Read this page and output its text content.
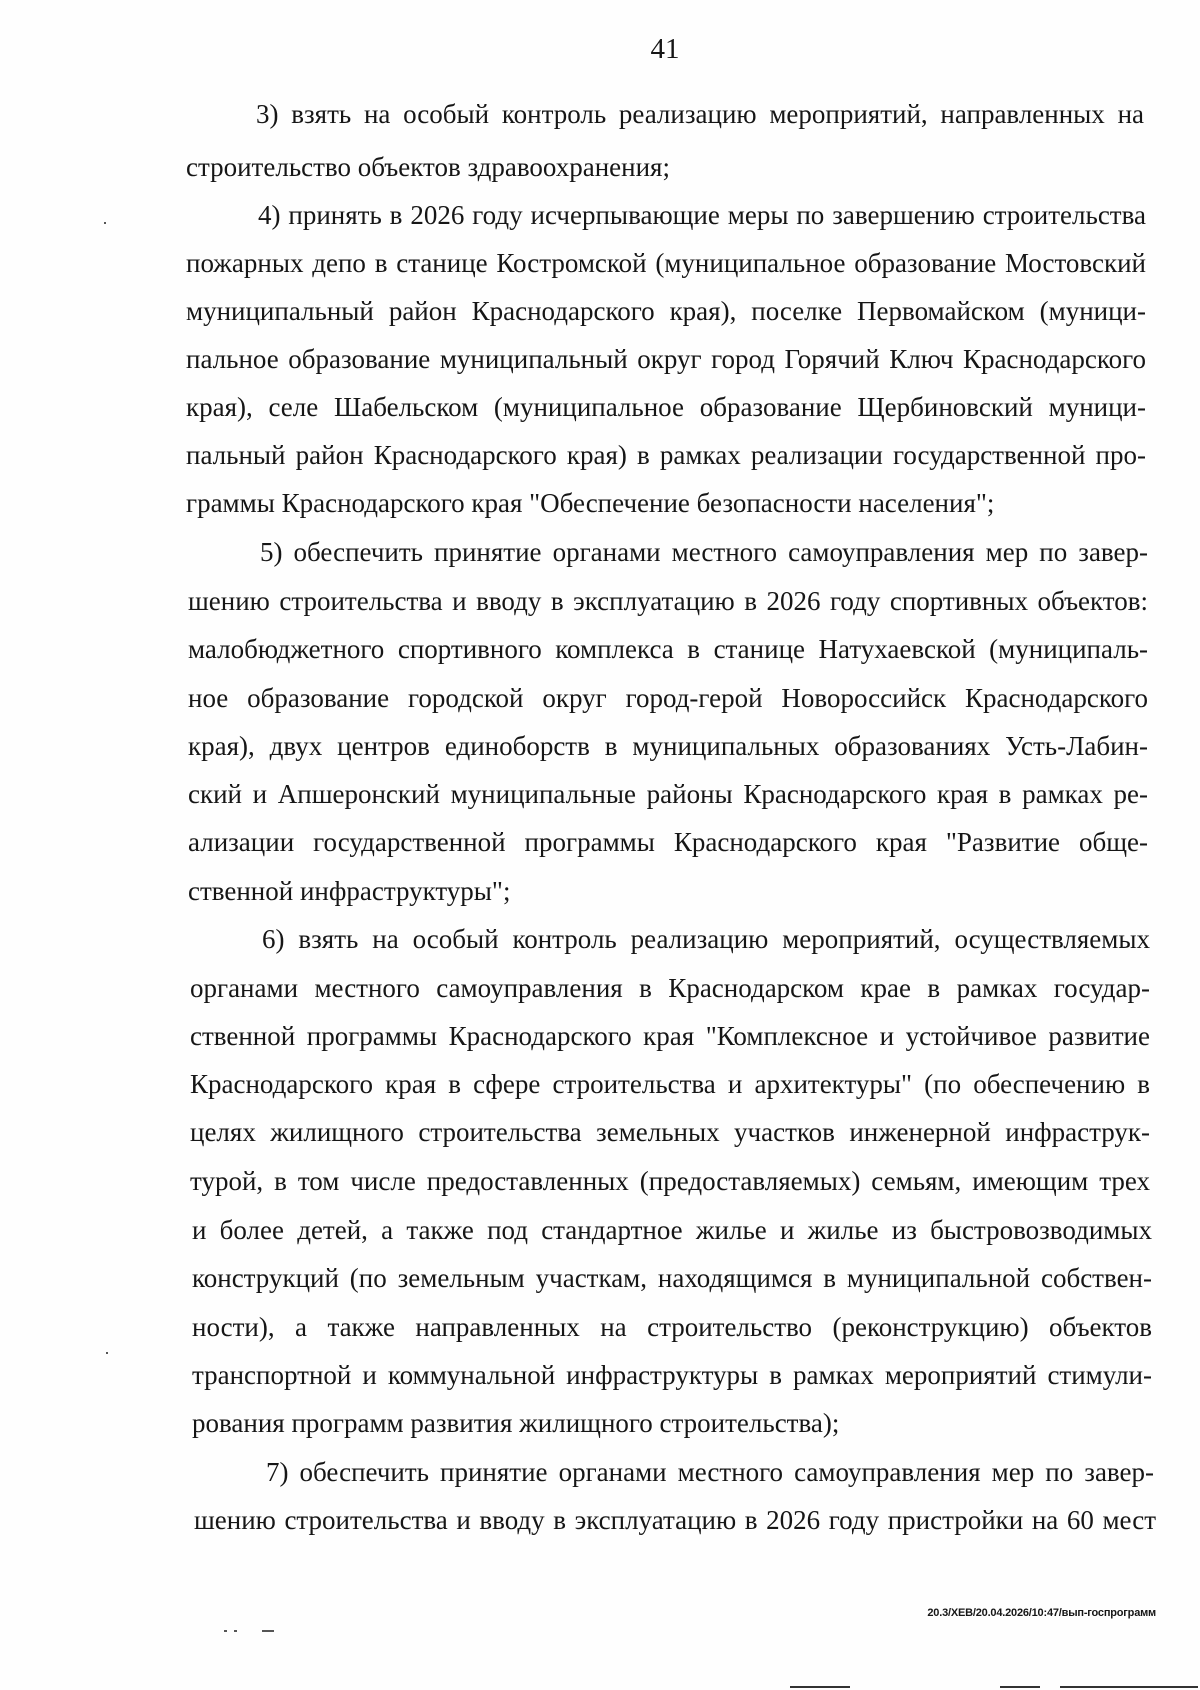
41
3) взять на особый контроль реализацию мероприятий, направленных на
строительство объектов здравоохранения;
4) принять в 2026 году исчерпывающие меры по завершению строительства
пожарных депо в станице Костромской (муниципальное образование Мостовский
муниципальный район Краснодарского края), поселке Первомайском (муници-
пальное образование муниципальный округ город Горячий Ключ Краснодарского
края), селе Шабельском (муниципальное образование Щербиновский муници-
пальный район Краснодарского края) в рамках реализации государственной про-
граммы Краснодарского края "Обеспечение безопасности населения";
5) обеспечить принятие органами местного самоуправления мер по завер-
шению строительства и вводу в эксплуатацию в 2026 году спортивных объектов:
малобюджетного спортивного комплекса в станице Натухаевской (муниципаль-
ное образование городской округ город-герой Новороссийск Краснодарского
края), двух центров единоборств в муниципальных образованиях Усть-Лабин-
ский и Апшеронский муниципальные районы Краснодарского края в рамках ре-
ализации государственной программы Краснодарского края "Развитие обще-
ственной инфраструктуры";
6) взять на особый контроль реализацию мероприятий, осуществляемых
органами местного самоуправления в Краснодарском крае в рамках государ-
ственной программы Краснодарского края "Комплексное и устойчивое развитие
Краснодарского края в сфере строительства и архитектуры" (по обеспечению в
целях жилищного строительства земельных участков инженерной инфраструк-
турой, в том числе предоставленных (предоставляемых) семьям, имеющим трех
и более детей, а также под стандартное жилье и жилье из быстровозводимых
конструкций (по земельным участкам, находящимся в муниципальной собствен-
ности), а также направленных на строительство (реконструкцию) объектов
транспортной и коммунальной инфраструктуры в рамках мероприятий стимули-
рования программ развития жилищного строительства);
7) обеспечить принятие органами местного самоуправления мер по завер-
шению строительства и вводу в эксплуатацию в 2026 году пристройки на 60 мест
20.3/ХЕВ/20.04.2026/10:47/вып-госпрограмм
